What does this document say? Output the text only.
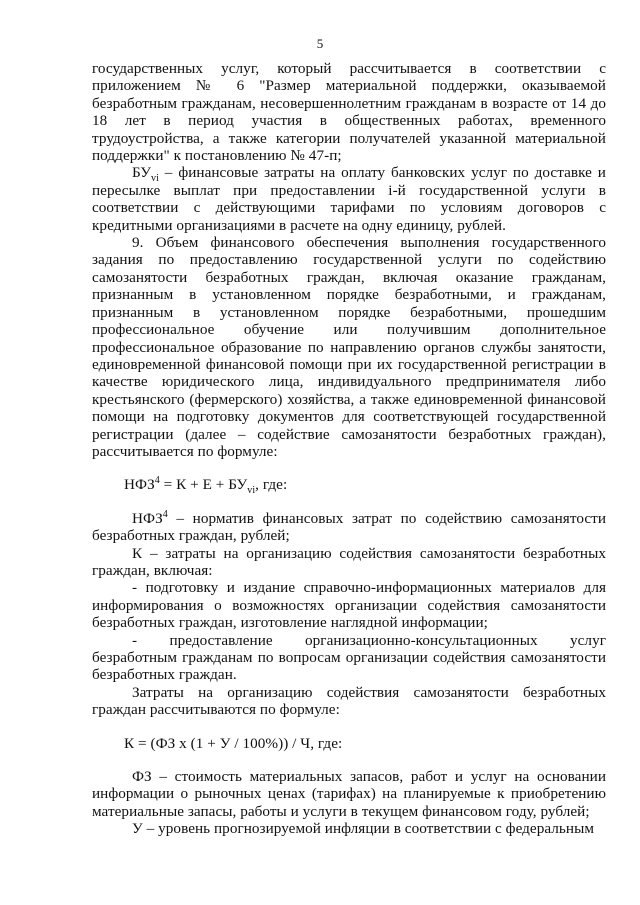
5

государственных услуг, который рассчитывается в соответствии с приложением № 6 "Размер материальной поддержки, оказываемой безработным гражданам, несовершеннолетним гражданам в возрасте от 14 до 18 лет в период участия в общественных работах, временного трудоустройства, а также категории получателей указанной материальной поддержки" к постановлению № 47-п;

$БУ_{vi}$ – финансовые затраты на оплату банковских услуг по доставке и пересылке выплат при предоставлении i-й государственной услуги в соответствии с действующими тарифами по условиям договоров с кредитными организациями в расчете на одну единицу, рублей.

9. Объем финансового обеспечения выполнения государственного задания по предоставлению государственной услуги по содействию самозанятости безработных граждан, включая оказание гражданам, признанным в установленном порядке безработными, и гражданам, признанным в установленном порядке безработными, прошедшим профессиональное обучение или получившим дополнительное профессиональное образование по направлению органов службы занятости, единовременной финансовой помощи при их государственной регистрации в качестве юридического лица, индивидуального предпринимателя либо крестьянского (фермерского) хозяйства, а также единовременной финансовой помощи на подготовку документов для соответствующей государственной регистрации (далее – содействие самозанятости безработных граждан), рассчитывается по формуле:

$НФЗ^4 = К + Е + БУ_{vi}$, где:

НФЗ$^4$ – норматив финансовых затрат по содействию самозанятости безработных граждан, рублей;

К – затраты на организацию содействия самозанятости безработных граждан, включая:

- подготовку и издание справочно-информационных материалов для информирования о возможностях организации содействия самозанятости безработных граждан, изготовление наглядной информации;

- предоставление организационно-консультационных услуг безработным гражданам по вопросам организации содействия самозанятости безработных граждан.

Затраты на организацию содействия самозанятости безработных граждан рассчитываются по формуле:

К = (ФЗ х (1 + У / 100%)) / Ч, где:

ФЗ – стоимость материальных запасов, работ и услуг на основании информации о рыночных ценах (тарифах) на планируемые к приобретению материальные запасы, работы и услуги в текущем финансовом году, рублей;

У – уровень прогнозируемой инфляции в соответствии с федеральным
